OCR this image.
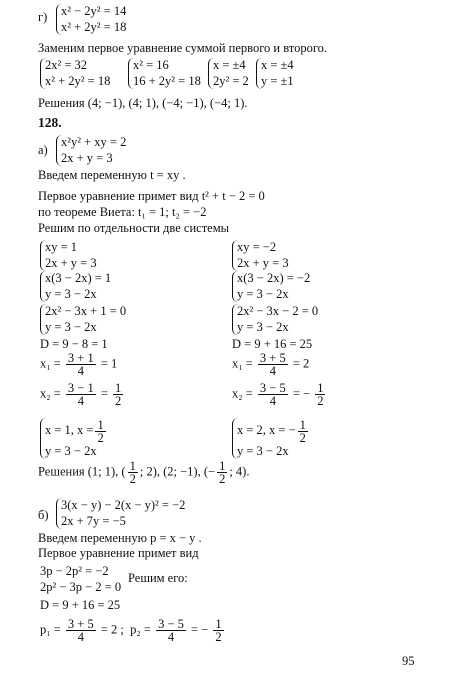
г) x² − 2y² = 14
x² + 2y² = 18
Заменим первое уравнение суммой первого и второго.
2x² = 32
x² + 2y² = 18
x² = 16
16 + 2y² = 18
x = ±4
2y² = 2
x = ±4
y = ±1
Решения (4; −1), (4; 1), (−4; −1), (−4; 1).
128.
а)
x²y² + xy = 2
2x + y = 3
Введем переменную t = xy .
Первое уравнение примет вид t² + t − 2 = 0
по теореме Виета: t₁ = 1; t₂ = −2
Решим по отдельности две системы
xy = 1
2x + y = 3
x(3 − 2x) = 1
y = 3 − 2x
2x² − 3x + 1 = 0
y = 3 − 2x
D = 9 − 8 = 1
$x_1 = \frac{3 + 1}{4} = 1$
$x_2 = \frac{3 - 1}{4} = \frac{1}{2}$
x = 1, $x = \frac{1}{2}$
y = 3 − 2x
xy = −2
2x + y = 3
x(3 − 2x) = −2
y = 3 − 2x
2x² − 3x − 2 = 0
y = 3 − 2x
D = 9 + 16 = 25
$x_1 = \frac{3 + 5}{4} = 2$
$x_2 = \frac{3 - 5}{4}$ = − $\frac{1}{2}$
x = 2, x = − $\frac{1}{2}$
y = 3 − 2x
Решения (1; 1), ( $\frac{1}{2}$ ; 2), (2; −1), (− $\frac{1}{2}$ ; 4).
б)
3(x − y) − 2(x − y)² = −2
2x + 7y = −5
Введем переменную p = x − y .
Первое уравнение примет вид
3p − 2p² = −2
2p² − 3p − 2 = 0
Решим его:
D = 9 + 16 = 25
$p_1 = \frac{3 + 5}{4} = 2$ ; $p_2 = \frac{3 - 5}{4}$ = − $\frac{1}{2}$
95
